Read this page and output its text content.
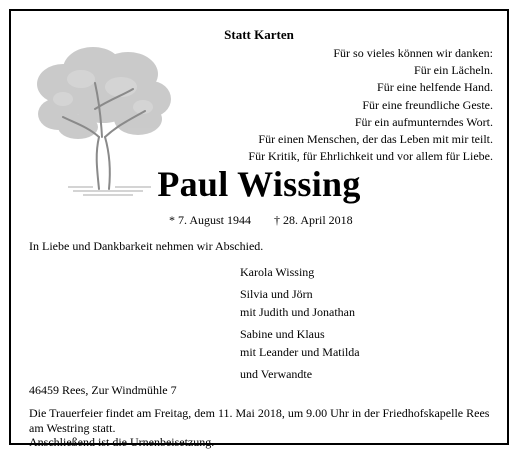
Statt Karten
Für so vieles können wir danken:
Für ein Lächeln.
Für eine helfende Hand.
Für eine freundliche Geste.
Für ein aufmunterndes Wort.
Für einen Menschen, der das Leben mit mir teilt.
Für Kritik, für Ehrlichkeit und vor allem für Liebe.
Paul Wissing
* 7. August 1944 † 28. April 2018
In Liebe und Dankbarkeit nehmen wir Abschied.
Karola Wissing
Silvia und Jörn
mit Judith und Jonathan
Sabine und Klaus
mit Leander und Matilda
und Verwandte
46459 Rees, Zur Windmühle 7
Die Trauerfeier findet am Freitag, dem 11. Mai 2018, um 9.00 Uhr in der Friedhofskapelle Rees
am Westring statt.
Anschließend ist die Urnenbeisetzung.
